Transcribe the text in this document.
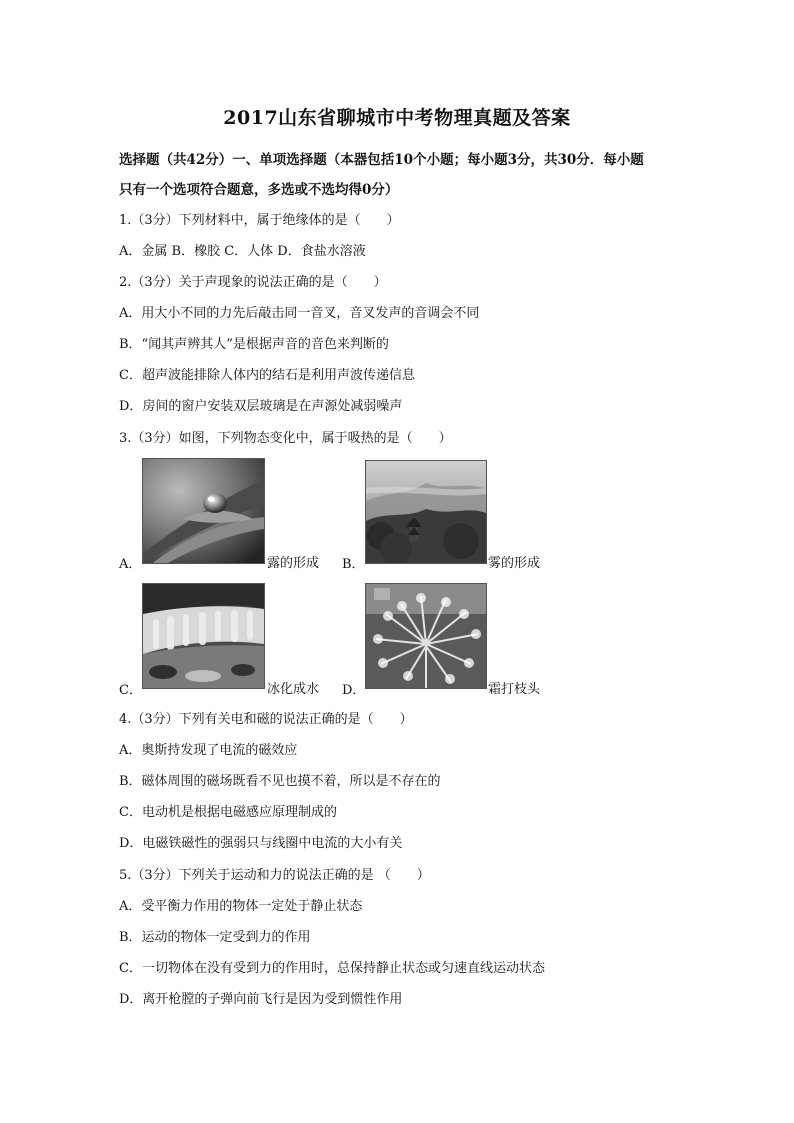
2017山东省聊城市中考物理真题及答案
选择题（共42分）一、单项选择题（本器包括10个小题；每小题3分，共30分．每小题
只有一个选项符合题意，多选或不选均得0分）
1.（3分）下列材料中，属于绝缘体的是（　　）
A．金属 B．橡胶 C．人体 D．食盐水溶液
2.（3分）关于声现象的说法正确的是（　　）
A．用大小不同的力先后敲击同一音叉，音叉发声的音调会不同
B．“闻其声辨其人”是根据声音的音色来判断的
C．超声波能排除人体内的结石是利用声波传递信息
D．房间的窗户安装双层玻璃是在声源处减弱噪声
3.（3分）如图，下列物态变化中，属于吸热的是（　　）
A．	露的形成 B．	雾的形成
C．	冰化成水 D．	霜打枝头
4.（3分）下列有关电和磁的说法正确的是（　　）
A．奥斯持发现了电流的磁效应
B．磁体周围的磁场既看不见也摸不着，所以是不存在的
C．电动机是根据电磁感应原理制成的
D．电磁铁磁性的强弱只与线圈中电流的大小有关
5.（3分）下列关于运动和力的说法正确的是 （　　）
A．受平衡力作用的物体一定处于静止状态
B．运动的物体一定受到力的作用
C．一切物体在没有受到力的作用时，总保持静止状态或匀速直线运动状态
D．离开枪膛的子弹向前飞行是因为受到惯性作用
